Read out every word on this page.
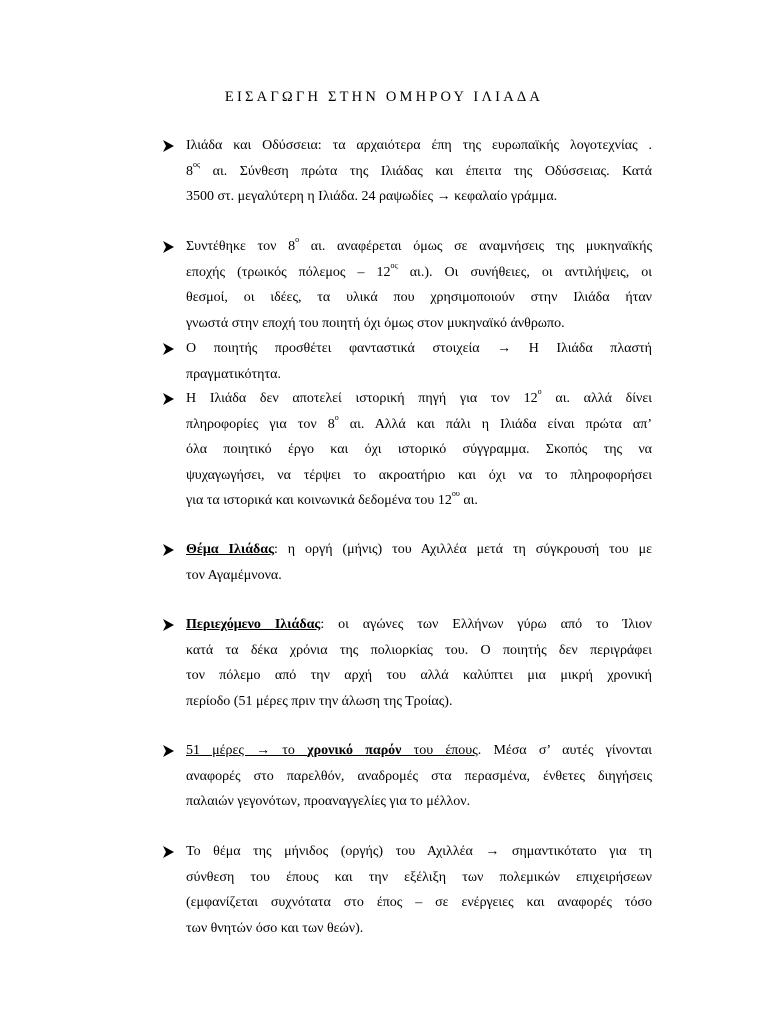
ΕΙΣΑΓΩΓΗ ΣΤΗΝ ΟΜΗΡΟΥ ΙΛΙΑΔΑ
Ιλιάδα και Οδύσσεια: τα αρχαιότερα έπη της ευρωπαϊκής λογοτεχνίας .
$8^{o\varsigma}$ αι. Σύνθεση πρώτα της Ιλιάδας και έπειτα της Οδύσσειας. Κατά
3500 στ. μεγαλύτερη η Ιλιάδα. 24 ραψωδίες → κεφαλαίο γράμμα.
Συντέθηκε τον $8^o$ αι. αναφέρεται όμως σε αναμνήσεις της μυκηναϊκής
εποχής (τρωικός πόλεμος – $12^{o\varsigma}$ αι.). Οι συνήθειες, οι αντιλήψεις, οι
θεσμοί, οι ιδέες, τα υλικά που χρησιμοποιούν στην Ιλιάδα ήταν
γνωστά στην εποχή του ποιητή όχι όμως στον μυκηναϊκό άνθρωπο.
Ο ποιητής προσθέτει φανταστικά στοιχεία → Η Ιλιάδα πλαστή
πραγματικότητα.
Η Ιλιάδα δεν αποτελεί ιστορική πηγή για τον $12^o$ αι. αλλά δίνει
πληροφορίες για τον $8^o$ αι. Αλλά και πάλι η Ιλιάδα είναι πρώτα απ’
όλα ποιητικό έργο και όχι ιστορικό σύγγραμμα. Σκοπός της να
ψυχαγωγήσει, να τέρψει το ακροατήριο και όχι να το πληροφορήσει
για τα ιστορικά και κοινωνικά δεδομένα του $12^{o\upsilon}$ αι.
Θέμα Ιλιάδας: η οργή (μήνις) του Αχιλλέα μετά τη σύγκρουσή του με
τον Αγαμέμνονα.
Περιεχόμενο Ιλιάδας: οι αγώνες των Ελλήνων γύρω από το Ίλιον
κατά τα δέκα χρόνια της πολιορκίας του. Ο ποιητής δεν περιγράφει
τον πόλεμο από την αρχή του αλλά καλύπτει μια μικρή χρονική
περίοδο (51 μέρες πριν την άλωση της Τροίας).
51 μέρες → το χρονικό παρόν του έπους. Μέσα σ’ αυτές γίνονται
αναφορές στο παρελθόν, αναδρομές στα περασμένα, ένθετες διηγήσεις
παλαιών γεγονότων, προαναγγελίες για το μέλλον.
Το θέμα της μήνιδος (οργής) του Αχιλλέα → σημαντικότατο για τη
σύνθεση του έπους και την εξέλιξη των πολεμικών επιχειρήσεων
(εμφανίζεται συχνότατα στο έπος – σε ενέργειες και αναφορές τόσο
των θνητών όσο και των θεών).
